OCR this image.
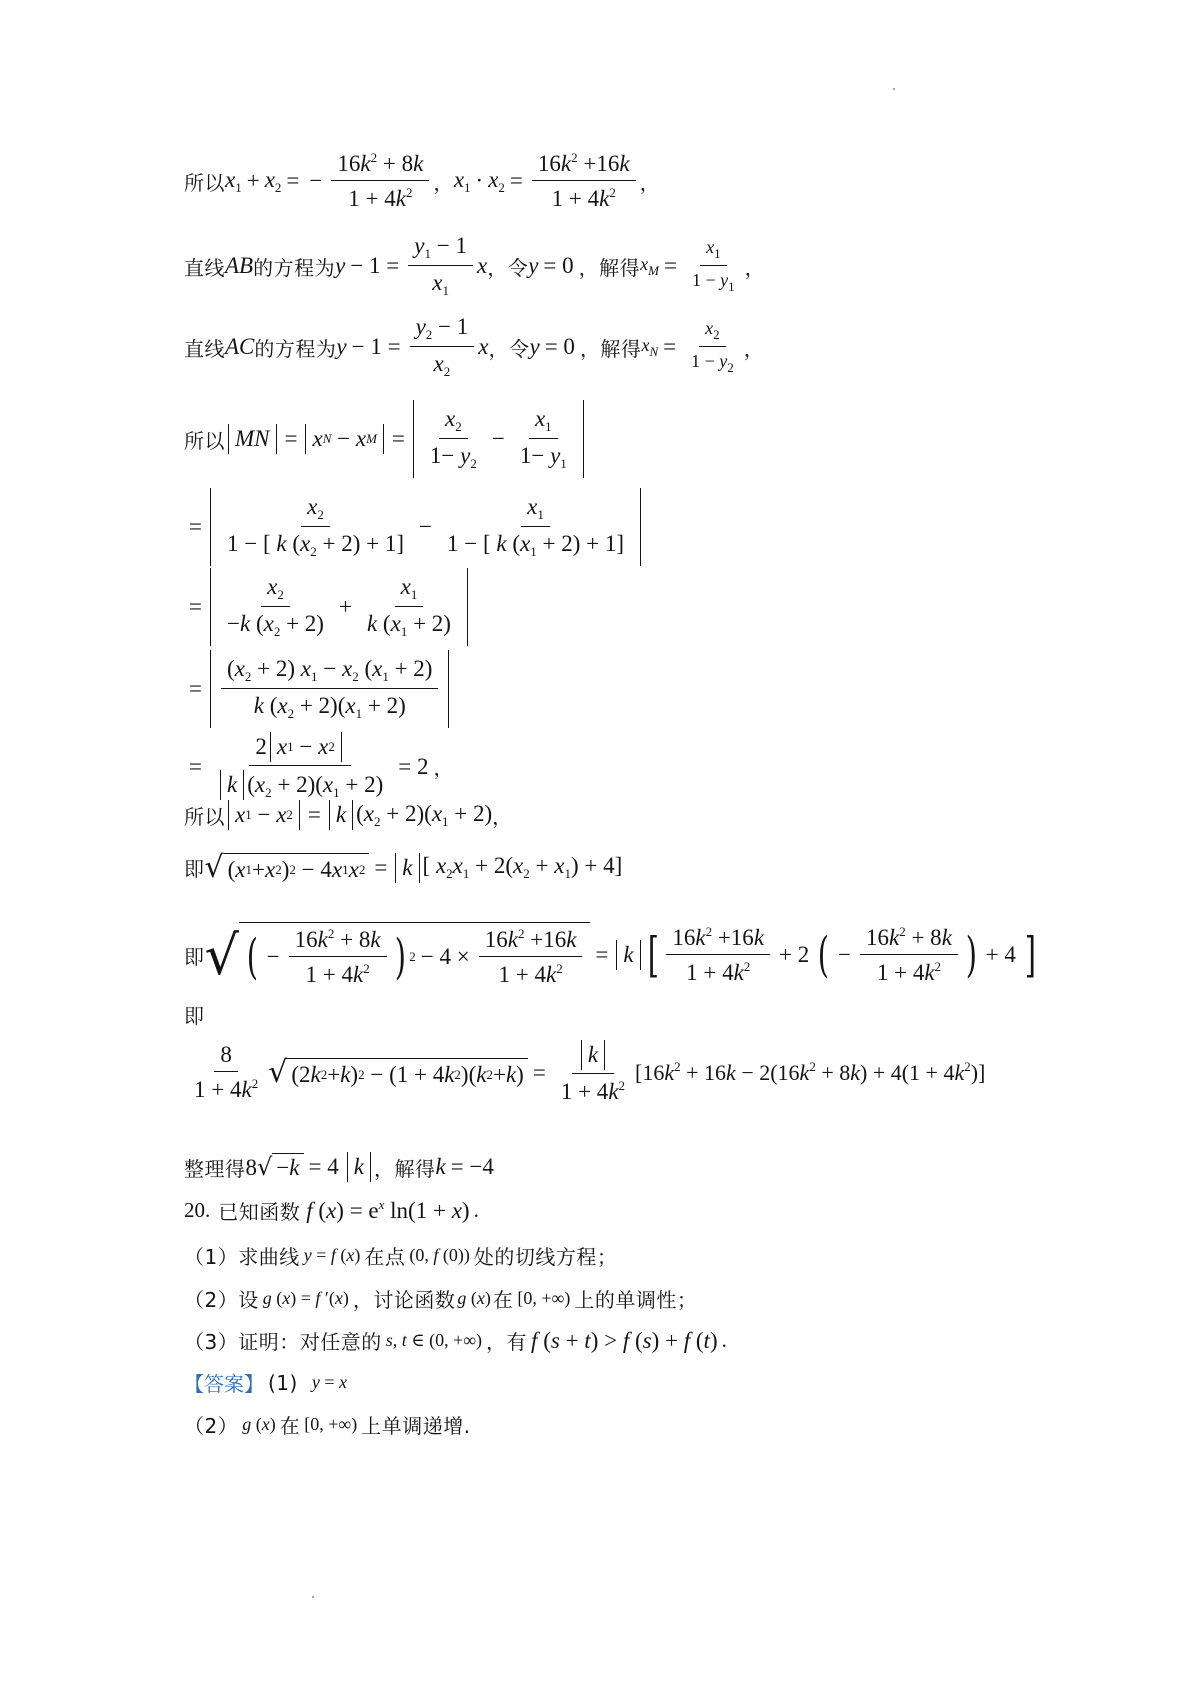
所以 $x_1 + x_2$ = − $\frac{16k^2 + 8k}{1 + 4k^2}$ ， $x_1 \cdot x_2 = \frac{16k^2 +16k}{1 + 4k^2}$ ，
直线 AB 的方程为 $y - 1 = \frac{y_1 - 1}{x_1}$ x ，令 y = 0 ，解得 $x_M = \frac{x_1}{1 - y_1}$ ，
直线 AC 的方程为 $y - 1 = \frac{y_2 - 1}{x_2}$ x ，令 y = 0 ，解得 $x_N = \frac{x_2}{1 - y_2}$ ，
所以 MN = x N − x $M = \frac{x_2}{1- y_2} - \frac{x_1}{1- y_1}$
= $\frac{x_2}{1 - [ k (x_2 + 2) + 1]} - \frac{x_1}{1 - [ k (x_1 + 2) + 1]}$
= $\frac{x_2}{-k (x_2 + 2)} + \frac{x_1}{k (x_1 + 2)}$
= $\frac{(x_2 + 2) x_1 - x_2 (x_1 + 2)}{k (x_2 + 2)(x_1 + 2)}$
= $\frac{2 x 1 - x 2}{k (x_2 + 2)(x_1 + 2)} = 2$ ，
所以 x 1 − x 2 = k $(x_2 + 2)(x_1 + 2)$ ，
即 √ ( x 1 + x 2 ) 2 − 4 x 1 x 2 = k [ $x_2x_1 + 2(x_2 + x_1) + 4$]
即 √ ( − $\frac{16k^2 + 8k}{1 + 4k^2}$ ) $2 - 4 \times \frac{16k^2 +16k}{1 + 4k^2} = k$ [ $\frac{16k^2 +16k}{1 + 4k^2} + 2$ ( − $\frac{16k^2 + 8k}{1 + 4k^2}$ ) + 4 ]
即
$\frac{8}{1 + 4k^2}$ √ (2 k 2 + k ) 2 − (1 + 4 k 2 )( k 2 + k ) = $\frac{k}{1 + 4k^2} [16k^2 + 16k - 2(16k^2 + 8k) + 4(1 + 4k^2)]$
整理得 8 √ − k = 4 k ，解得 k = −4
20. 已知函数 f $(x) = e^x$ ln(1 + x) .
（1） 求曲线 y = f (x) 在点 (0, f (0)) 处的切线方程；
（2） 设 g (x) = f ′(x) ，讨论函数 g (x) 在 [0, +∞) 上的单调性；
（3） 证明：对任意的 s, t ∈ (0, +∞) ，有 f (s + t) > f (s) + f (t) .
【答案】 (1) y = x
（2） g (x) 在 [0, +∞) 上单调递增.
